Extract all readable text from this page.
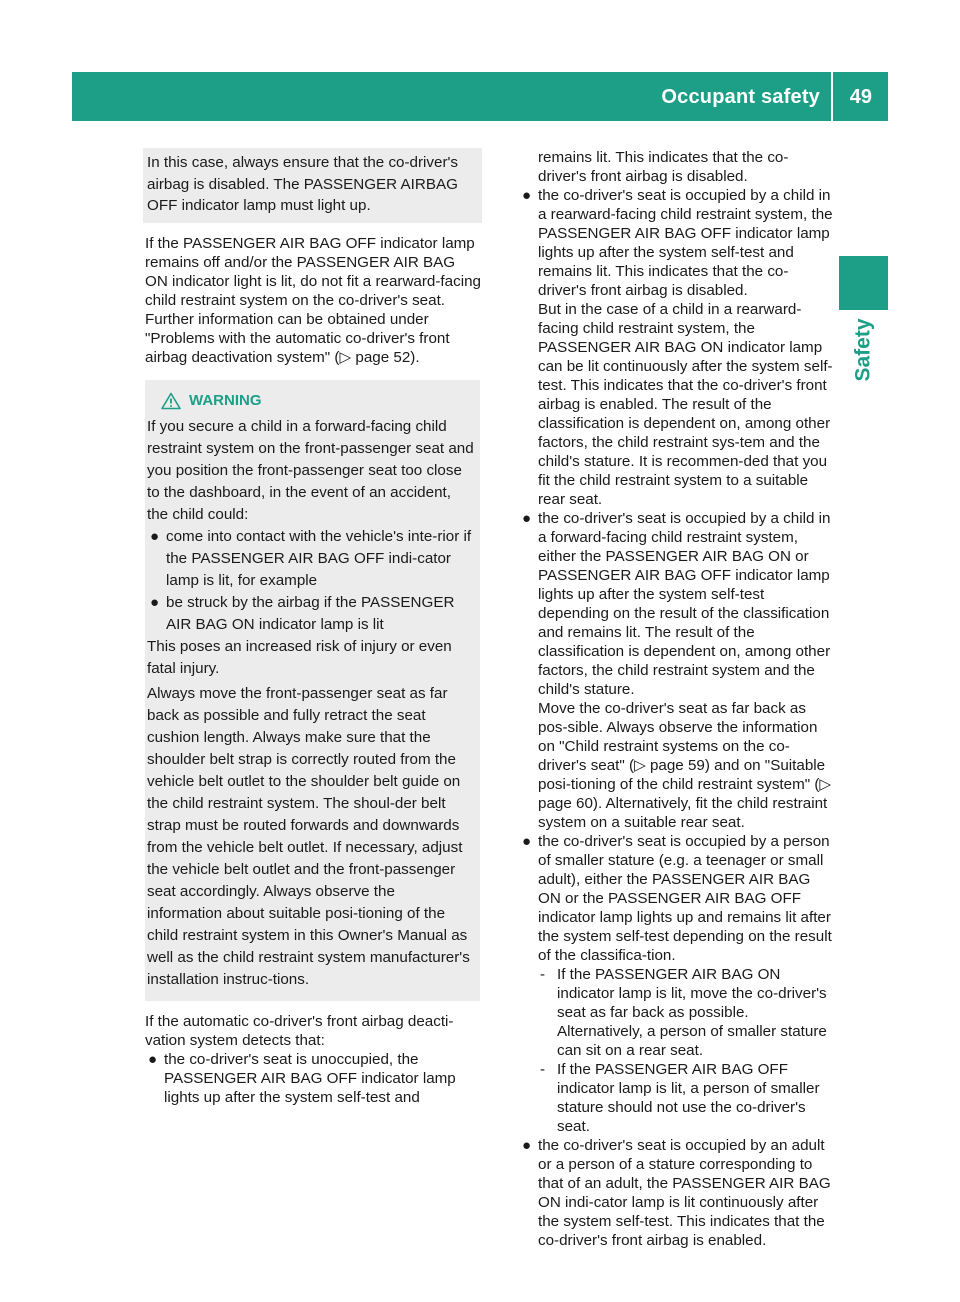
Occupant safety 49
Safety

In this case, always ensure that the co-driver's

airbag is disabled. The PASSENGER AIRBAG

OFF indicator lamp must light up.

If the PASSENGER AIR BAG OFF indicator lamp remains off and/or the PASSENGER AIR BAG ON indicator light is lit, do not fit a rearward-facing child restraint system on the co-driver's seat. Further information can be obtained under "Problems with the automatic co-driver's front airbag deactivation system" (▷ page 52).

WARNING

If you secure a child in a forward-facing child restraint system on the front-passenger seat and you position the front-passenger seat too close to the dashboard, in the event of an accident, the child could:

● come into contact with the vehicle's inte-rior if the PASSENGER AIR BAG OFF indi-cator lamp is lit, for example
● be struck by the airbag if the PASSENGER AIR BAG ON indicator lamp is lit

This poses an increased risk of injury or even fatal injury.

Always move the front-passenger seat as far back as possible and fully retract the seat cushion length. Always make sure that the shoulder belt strap is correctly routed from the vehicle belt outlet to the shoulder belt guide on the child restraint system. The shoul-der belt strap must be routed forwards and downwards from the vehicle belt outlet. If necessary, adjust the vehicle belt outlet and the front-passenger seat accordingly. Always observe the information about suitable posi-tioning of the child restraint system in this Owner's Manual as well as the child restraint system manufacturer's installation instruc-tions.

If the automatic co-driver's front airbag deacti-vation system detects that:

● the co-driver's seat is unoccupied, the PASSENGER AIR BAG OFF indicator lamp lights up after the system self-test and

remains lit. This indicates that the co-driver's front airbag is disabled.

● the co-driver's seat is occupied by a child in a rearward-facing child restraint system, the PASSENGER AIR BAG OFF indicator lamp lights up after the system self-test and remains lit. This indicates that the co-driver's front airbag is disabled.

But in the case of a child in a rearward-facing child restraint system, the PASSENGER AIR BAG ON indicator lamp can be lit continuously after the system self-test. This indicates that the co-driver's front airbag is enabled. The result of the classification is dependent on, among other factors, the child restraint sys-tem and the child's stature. It is recommen-ded that you fit the child restraint system to a suitable rear seat.

● the co-driver's seat is occupied by a child in a forward-facing child restraint system, either the PASSENGER AIR BAG ON or PASSENGER AIR BAG OFF indicator lamp lights up after the system self-test depending on the result of the classification and remains lit. The result of the classification is dependent on, among other factors, the child restraint system and the child's stature.

Move the co-driver's seat as far back as pos-sible. Always observe the information on "Child restraint systems on the co-driver's seat" (▷ page 59) and on "Suitable posi-tioning of the child restraint system" (▷ page 60). Alternatively, fit the child restraint system on a suitable rear seat.

● the co-driver's seat is occupied by a person of smaller stature (e.g. a teenager or small adult), either the PASSENGER AIR BAG ON or the PASSENGER AIR BAG OFF indicator lamp lights up and remains lit after the system self-test depending on the result of the classifica-tion.
- If the PASSENGER AIR BAG ON indicator lamp is lit, move the co-driver's seat as far back as possible. Alternatively, a person of smaller stature can sit on a rear seat.
- If the PASSENGER AIR BAG OFF indicator lamp is lit, a person of smaller stature should not use the co-driver's seat.
● the co-driver's seat is occupied by an adult or a person of a stature corresponding to that of an adult, the PASSENGER AIR BAG ON indi-cator lamp is lit continuously after the system self-test. This indicates that the co-driver's front airbag is enabled.
